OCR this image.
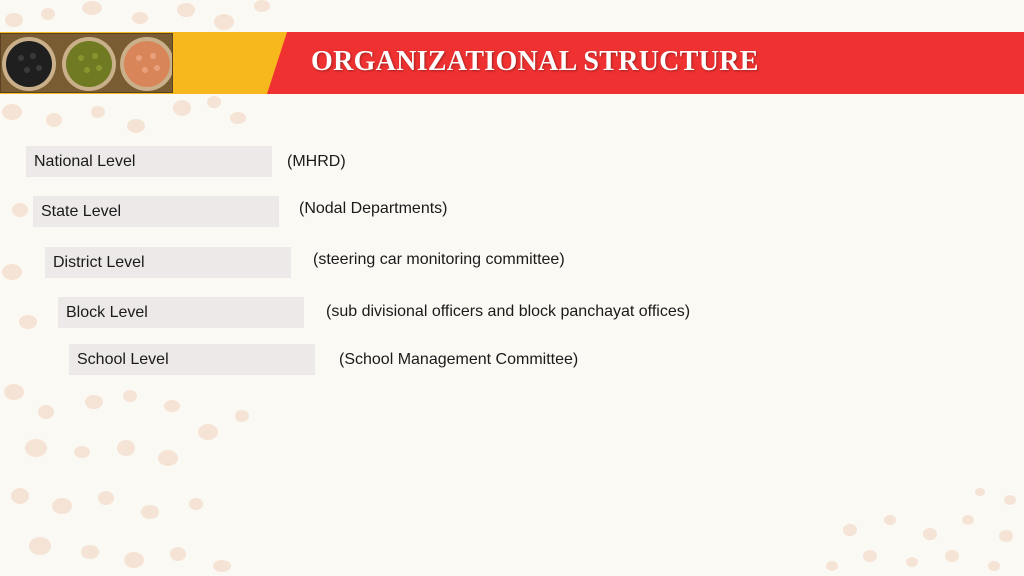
ORGANIZATIONAL STRUCTURE
National Level	(MHRD)
State Level	(Nodal Departments)
District Level	(steering car monitoring committee)
Block Level	(sub divisional officers and block panchayat offices)
School Level	(School Management Committee)
